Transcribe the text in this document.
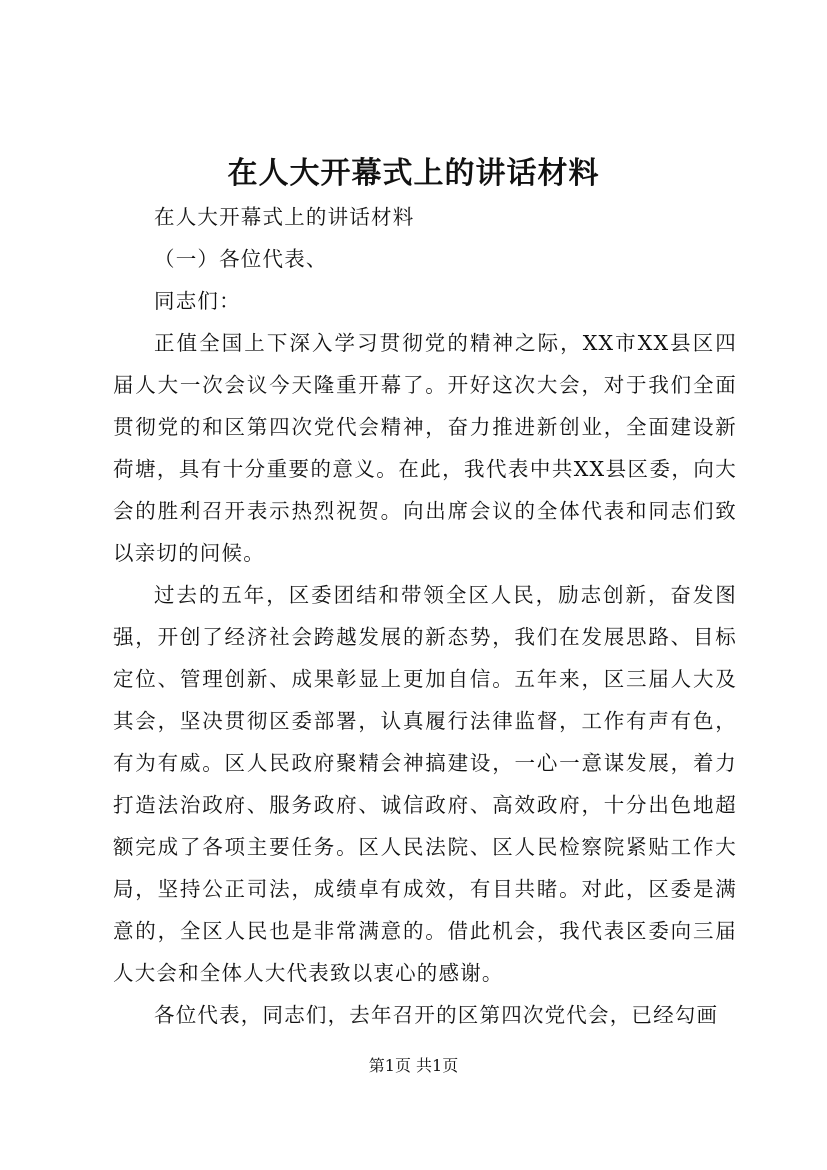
在人大开幕式上的讲话材料

在人大开幕式上的讲话材料

（一）各位代表、

同志们：

正值全国上下深入学习贯彻党的精神之际，XX市XX县区四届人大一次会议今天隆重开幕了。开好这次大会，对于我们全面贯彻党的和区第四次党代会精神，奋力推进新创业，全面建设新荷塘，具有十分重要的意义。在此，我代表中共XX县区委，向大会的胜利召开表示热烈祝贺。向出席会议的全体代表和同志们致以亲切的问候。

过去的五年，区委团结和带领全区人民，励志创新，奋发图强，开创了经济社会跨越发展的新态势，我们在发展思路、目标定位、管理创新、成果彰显上更加自信。五年来，区三届人大及其会，坚决贯彻区委部署，认真履行法律监督，工作有声有色，有为有威。区人民政府聚精会神搞建设，一心一意谋发展，着力打造法治政府、服务政府、诚信政府、高效政府，十分出色地超额完成了各项主要任务。区人民法院、区人民检察院紧贴工作大局，坚持公正司法，成绩卓有成效，有目共睹。对此，区委是满意的，全区人民也是非常满意的。借此机会，我代表区委向三届人大会和全体人大代表致以衷心的感谢。

各位代表，同志们，去年召开的区第四次党代会，已经勾画

第1页 共1页
